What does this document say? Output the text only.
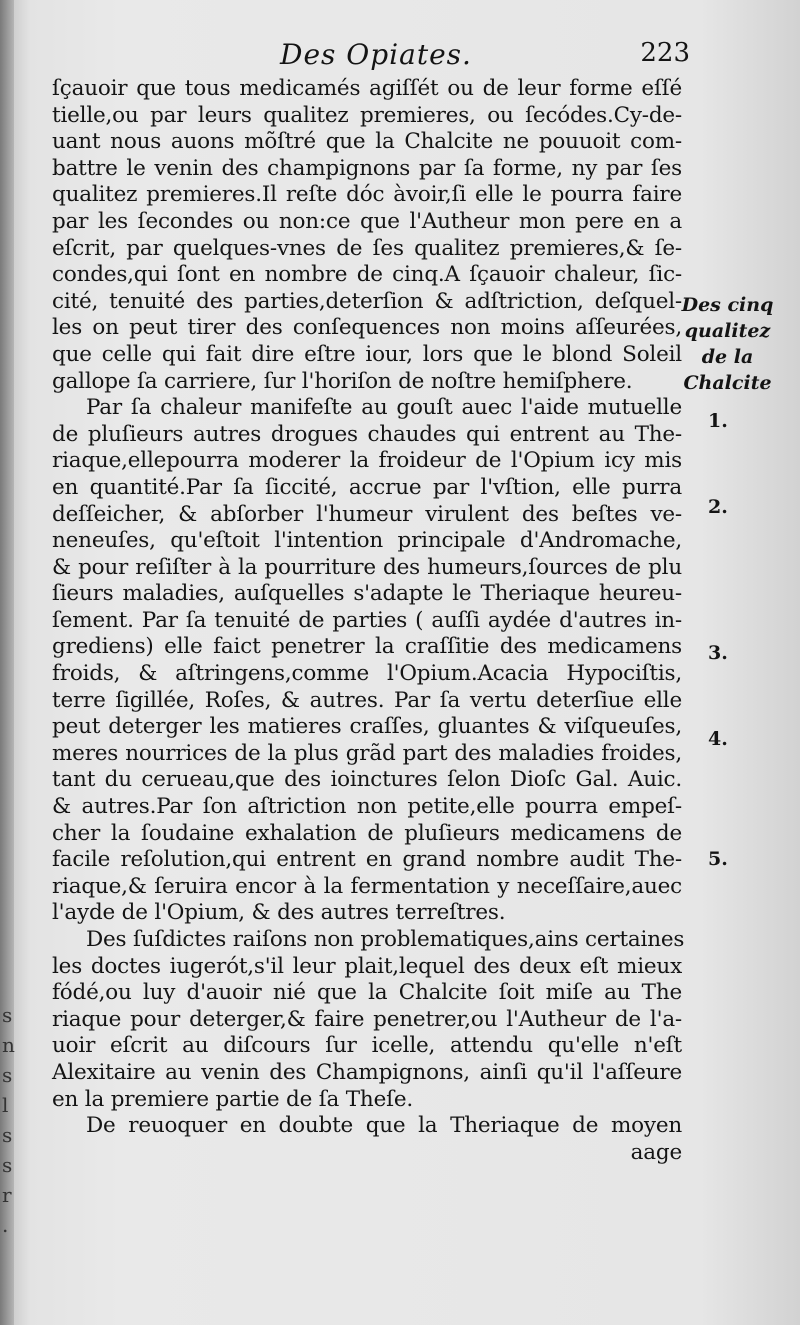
s
n
s
l
s
s
r
.
Des Opiates.	223
ſçauoir que tous medicamés agiſſét ou de leur forme eſſé
tielle,ou par leurs qualitez premieres, ou ſecódes.Cy-de-
uant nous auons mõſtré que la Chalcite ne pouuoit com-
battre le venin des champignons par ſa forme, ny par ſes
qualitez premieres.Il reſte dóc àvoir,ſi elle le pourra faire
par les ſecondes ou non:ce que l'Autheur mon pere en a
eſcrit, par quelques-vnes de ſes qualitez premieres,& ſe-
condes,qui ſont en nombre de cinq.A ſçauoir chaleur, ſic-
cité, tenuité des parties,deterſion & adſtriction, deſquel-
les on peut tirer des conſequences non moins aſſeurées,
que celle qui fait dire eſtre iour, lors que le blond Soleil
gallope ſa carriere, ſur l'horiſon de noſtre hemiſphere.
Par ſa chaleur manifeſte au gouſt auec l'aide mutuelle
de pluſieurs autres drogues chaudes qui entrent au The-
riaque,ellepourra moderer la froideur de l'Opium icy mis
en quantité.Par ſa ſiccité, accrue par l'vſtion, elle purra
deſſeicher, & abſorber l'humeur virulent des beſtes ve-
neneuſes, qu'eſtoit l'intention principale d'Andromache,
& pour reſiſter à la pourriture des humeurs,ſources de plu
ſieurs maladies, auſquelles s'adapte le Theriaque heureu-
ſement. Par ſa tenuité de parties ( auſſi aydée d'autres in-
grediens) elle faict penetrer la craſſitie des medicamens
froids, & aſtringens,comme l'Opium.Acacia Hypociſtis,
terre ſigillée, Roſes, & autres. Par ſa vertu deterſiue elle
peut deterger les matieres craſſes, gluantes & viſqueuſes,
meres nourrices de la plus grãd part des maladies froides,
tant du cerueau,que des ioinctures ſelon Dioſc Gal. Auic.
& autres.Par ſon aſtriction non petite,elle pourra empeſ-
cher la ſoudaine exhalation de pluſieurs medicamens de
facile reſolution,qui entrent en grand nombre audit The-
riaque,& ſeruira encor à la fermentation y neceſſaire,auec
l'ayde de l'Opium, & des autres terreſtres.
Des ſuſdictes raiſons non problematiques,ains certaines
les doctes iugerót,s'il leur plait,lequel des deux eſt mieux
fódé,ou luy d'auoir nié que la Chalcite ſoit miſe au The
riaque pour deterger,& faire penetrer,ou l'Autheur de l'a-
uoir eſcrit au diſcours ſur icelle, attendu qu'elle n'eſt
Alexitaire au venin des Champignons, ainſi qu'il l'aſſeure
en la premiere partie de ſa Theſe.
De reuoquer en doubte que la Theriaque de moyen
aage
Des cinq
qualitez
de la
Chalcite
1.
2.
3.
4.
5.
